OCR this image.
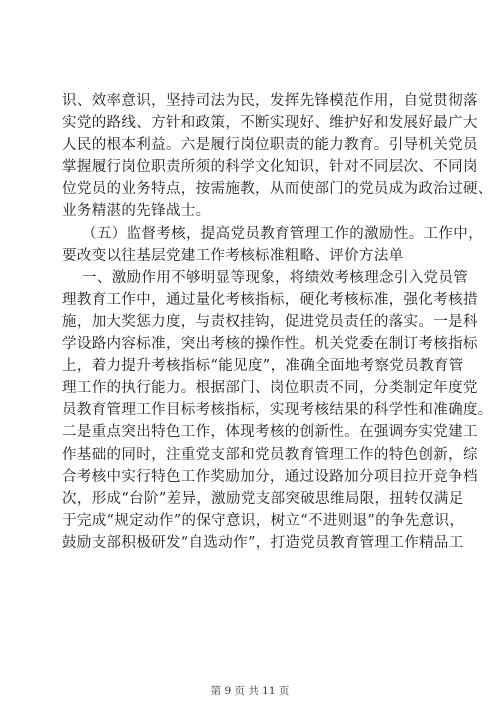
识、效率意识，坚持司法为民，发挥先锋模范作用，自觉贯彻落
实党的路线、方针和政策，不断实现好、维护好和发展好最广大
人民的根本利益。六是履行岗位职责的能力教育。引导机关党员
掌握履行岗位职责所须的科学文化知识，针对不同层次、不同岗
位党员的业务特点，按需施教，从而使部门的党员成为政治过硬、
业务精湛的先锋战士。
（五）监督考核，提高党员教育管理工作的激励性。工作中，
要改变以往基层党建工作考核标准粗略、评价方法单
一、激励作用不够明显等现象，将绩效考核理念引入党员管
理教育工作中，通过量化考核指标，硬化考核标准，强化考核措
施，加大奖惩力度，与责权挂钩，促进党员责任的落实。一是科
学设路内容标准，突出考核的操作性。机关党委在制订考核指标
上，着力提升考核指标“能见度”，准确全面地考察党员教育管
理工作的执行能力。根据部门、岗位职责不同，分类制定年度党
员教育管理工作目标考核指标，实现考核结果的科学性和准确度。
二是重点突出特色工作，体现考核的创新性。在强调夯实党建工
作基础的同时，注重党支部和党员教育管理工作的特色创新，综
合考核中实行特色工作奖励加分，通过设路加分项目拉开竞争档
次，形成“台阶”差异，激励党支部突破思维局限，扭转仅满足
于完成“规定动作”的保守意识，树立“不进则退”的争先意识，
鼓励支部积极研发“自选动作”，打造党员教育管理工作精品工
第 9 页 共 11 页
